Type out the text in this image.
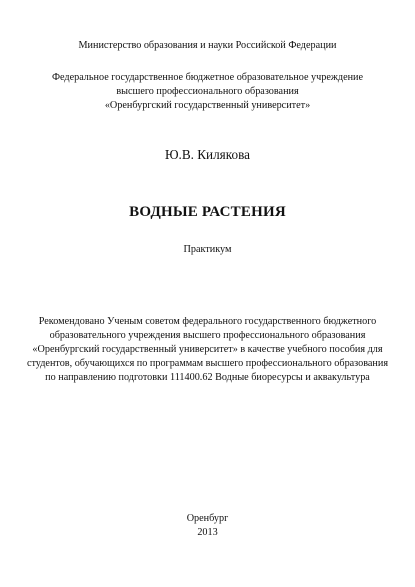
Министерство образования и науки Российской Федерации
Федеральное государственное бюджетное образовательное учреждение
высшего профессионального образования
«Оренбургский государственный университет»
Ю.В. Килякова
ВОДНЫЕ РАСТЕНИЯ
Практикум
Рекомендовано Ученым советом федерального государственного бюджетного
образовательного учреждения высшего профессионального образования
«Оренбургский государственный университет» в качестве учебного пособия для
студентов, обучающихся по программам высшего профессионального образования
по направлению подготовки 111400.62 Водные биоресурсы и аквакультура
Оренбург
2013
